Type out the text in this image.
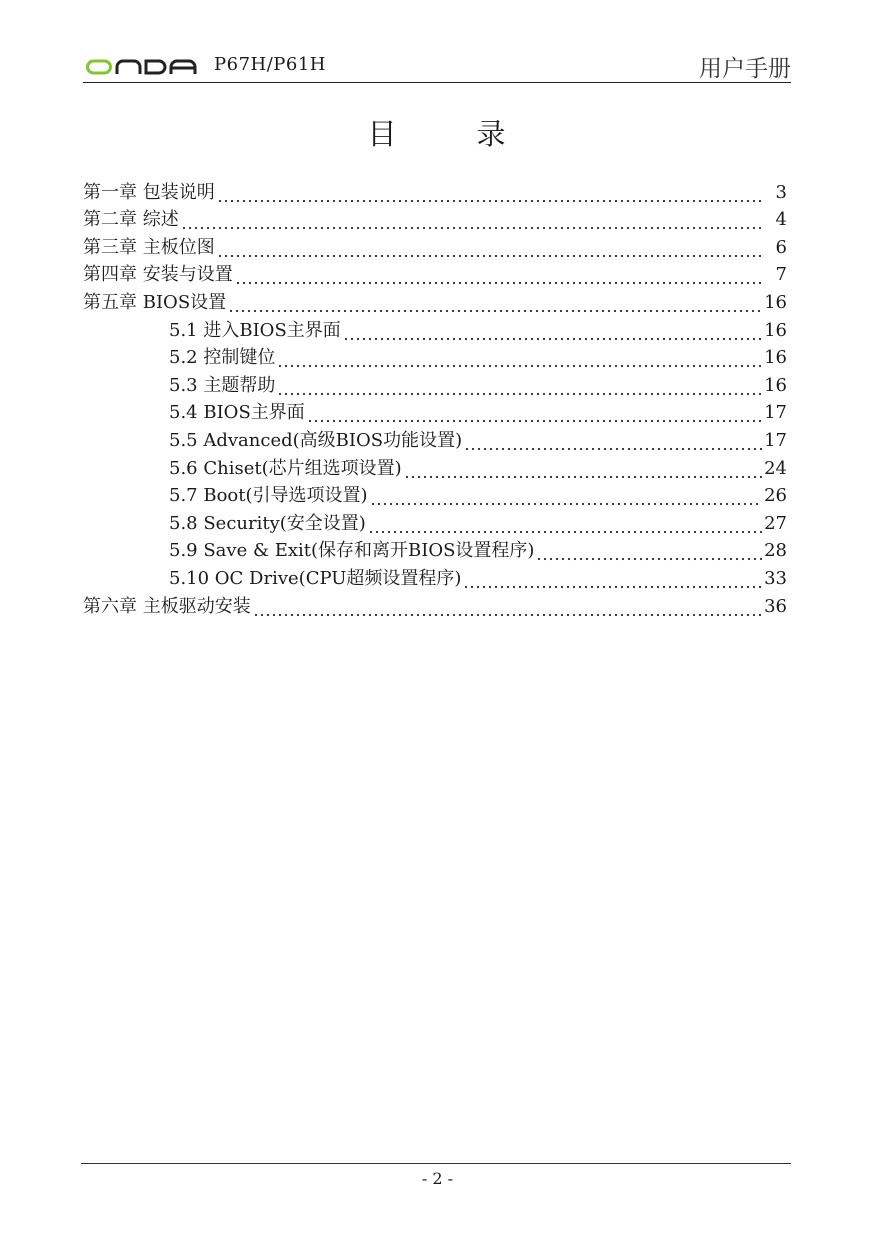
P67H/P61H	用户手册
目	录
第一章 包装说明	3
第二章 综述	4
第三章 主板位图	6
第四章 安装与设置	7
第五章 BIOS设置	16
5.1 进入BIOS主界面	16
5.2 控制键位	16
5.3 主题帮助	16
5.4 BIOS主界面	17
5.5 Advanced(高级BIOS功能设置)	17
5.6 Chiset(芯片组选项设置)	24
5.7 Boot(引导选项设置)	26
5.8 Security(安全设置)	27
5.9 Save & Exit(保存和离开BIOS设置程序)	28
5.10 OC Drive(CPU超频设置程序)	33
第六章 主板驱动安装	36
- 2 -
